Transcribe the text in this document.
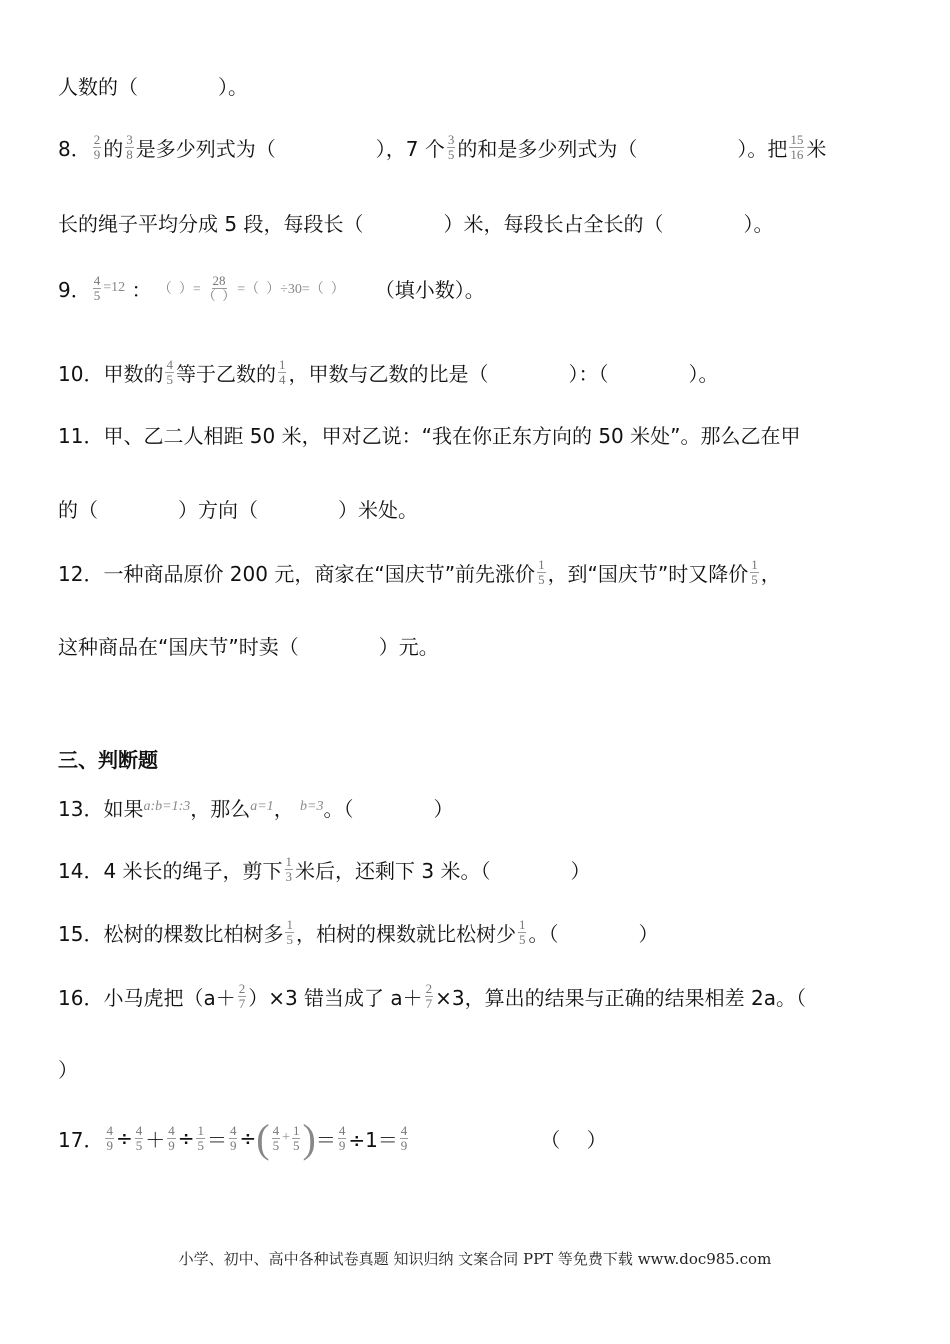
人数的（　　　　）。
8． $\frac{2}{9}$ 的 $\frac{3}{8}$ 是多少列式为（　　　　　），7 个 $\frac{3}{5}$ 的和是多少列式为（　　　　　）。把 $\frac{15}{16}$ 米
长的绳子平均分成 5 段，每段长（　　　　）米，每段长占全长的（　　　　）。
9． $\frac{4}{5} =12$ ： （  ）= $\frac{28}{( )}$ =（  ）÷30=（  ） 　　（填小数）。
10．甲数的 $\frac{4}{5}$ 等于乙数的 $\frac{1}{4}$ ，甲数与乙数的比是（　　　　）：（　　　　）。
11．甲、乙二人相距 50 米，甲对乙说：“我在你正东方向的 50 米处”。那么乙在甲
的（　　　　）方向（　　　　）米处。
12．一种商品原价 200 元，商家在“国庆节”前先涨价 $\frac{1}{5}$ ，到“国庆节”时又降价 $\frac{1}{5}$ ，
这种商品在“国庆节”时卖（　　　　）元。
三、判断题
13．如果 a:b=1:3 ，那么 a=1 ， b=3 。（　　　　）
14．4 米长的绳子，剪下 $\frac{1}{3}$ 米后，还剩下 3 米。（　　　　）
15．松树的棵数比柏树多 $\frac{1}{5}$ ，柏树的棵数就比松树少 $\frac{1}{5}$ 。（　　　　）
16．小马虎把$(a+ \frac{2}{7} )\times 3$ 错当成了 $a+ \frac{2}{7} \times 3$，算出的结果与正确的结果相差 2a。（
）
17． $\frac{4}{9} \div \frac{4}{5} + \frac{4}{9} \div \frac{1}{5} = \frac{4}{9}$ ÷ ( $\frac{4}{5} + \frac{1}{5}$ ) ＝ $\frac{4}{9} \div 1= \frac{4}{9}$ 　　　　　　　（　 ）
小学、初中、高中各种试卷真题 知识归纳 文案合同 PPT 等免费下载 www.doc985.com
